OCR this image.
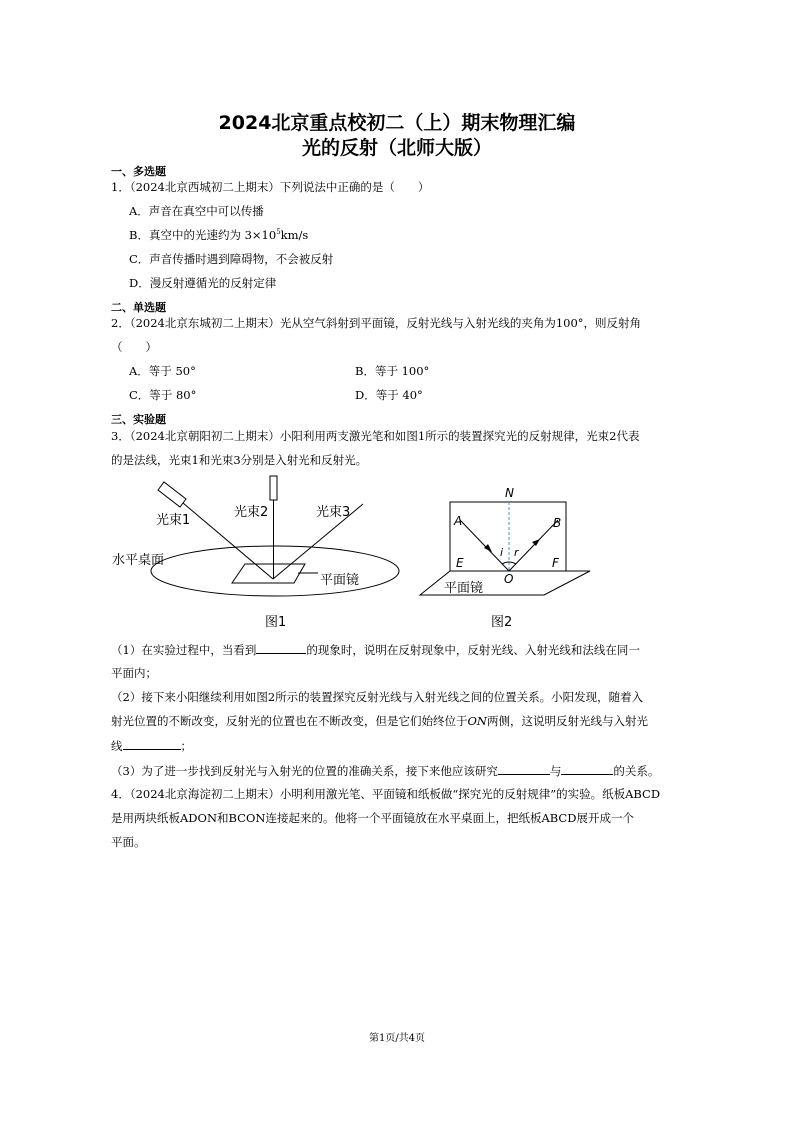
2024北京重点校初二（上）期末物理汇编
光的反射（北师大版）
一、多选题
1．（2024北京西城初二上期末）下列说法中正确的是（　　）
A．声音在真空中可以传播
B．真空中的光速约为 $3\times 10^5km/s$
C．声音传播时遇到障碍物，不会被反射
D．漫反射遵循光的反射定律
二、单选题
2．（2024北京东城初二上期末）光从空气斜射到平面镜，反射光线与入射光线的夹角为100°，则反射角
（　　）
A．等于 50°	B．等于 100°
C．等于 80°	D．等于 40°
三、实验题
3．（2024北京朝阳初二上期末）小阳利用两支激光笔和如图1所示的装置探究光的反射规律，光束2代表
的是法线，光束1和光束3分别是入射光和反射光。
光束1
光束2	光束3
水平桌面
平面镜
图1
N
A	B
E	F
O
i r
平面镜
图2
（1）在实验过程中，当看到	的现象时，说明在反射现象中，反射光线、入射光线和法线在同一
平面内；
（2）接下来小阳继续利用如图2所示的装置探究反射光线与入射光线之间的位置关系。小阳发现，随着入
射光位置的不断改变，反射光的位置也在不断改变，但是它们始终位于ON两侧，这说明反射光线与入射光
线	；
（3）为了进一步找到反射光与入射光的位置的准确关系，接下来他应该研究	与	的关系。
4．（2024北京海淀初二上期末）小明利用激光笔、平面镜和纸板做“探究光的反射规律”的实验。纸板ABCD
是用两块纸板ADON和BCON连接起来的。他将一个平面镜放在水平桌面上，把纸板ABCD展开成一个
平面。
第1页/共4页
